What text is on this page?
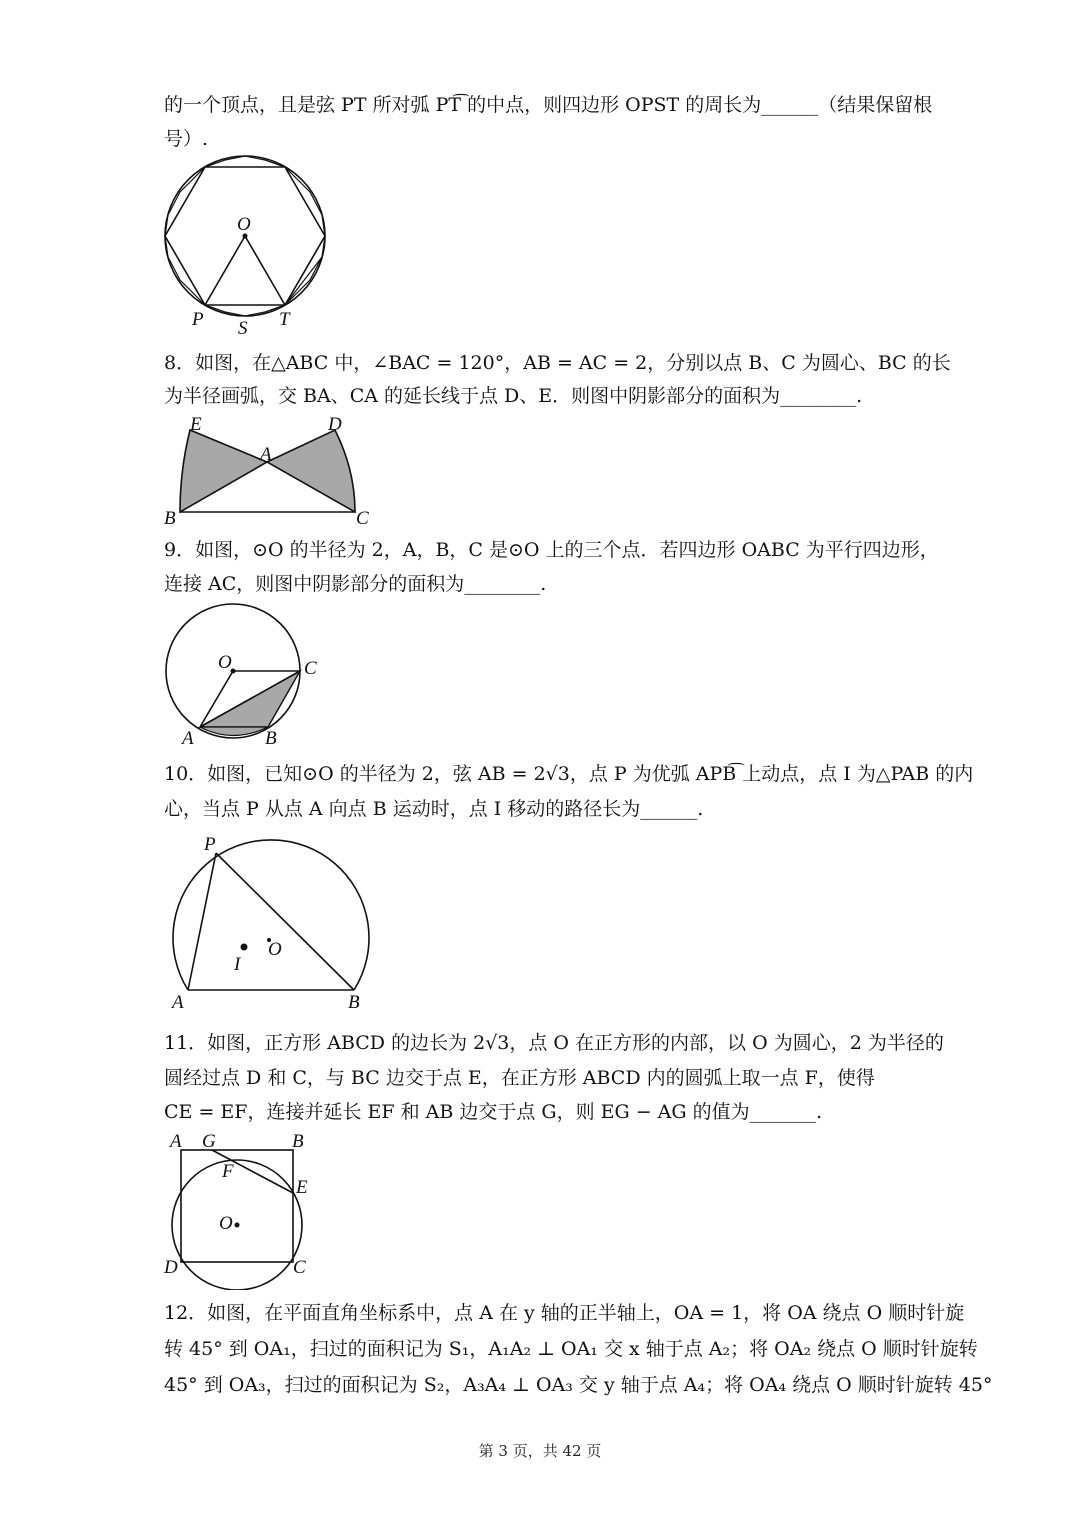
的一个顶点，且是弦 PT 所对弧 PT͡ 的中点，则四边形 OPST 的周长为______（结果保留根
号）.
O
P S T
8．如图，在△ABC 中，∠BAC = 120°，AB = AC = 2，分别以点 B、C 为圆心、BC 的长
为半径画弧，交 BA、CA 的延长线于点 D、E．则图中阴影部分的面积为________.
E	D
A
B	C
9．如图，⊙O 的半径为 2，A，B，C 是⊙O 上的三个点．若四边形 OABC 为平行四边形，
连接 AC，则图中阴影部分的面积为________.
O	C
A	B
10．如图，已知⊙O 的半径为 2，弦 AB = 2√3，点 P 为优弧 APB͡ 上动点，点 I 为△PAB 的内
心，当点 P 从点 A 向点 B 运动时，点 I 移动的路径长为______.
P
O
I
A	B
11．如图，正方形 ABCD 的边长为 2√3，点 O 在正方形的内部，以 O 为圆心，2 为半径的
圆经过点 D 和 C，与 BC 边交于点 E，在正方形 ABCD 内的圆弧上取一点 F，使得
CE = EF，连接并延长 EF 和 AB 边交于点 G，则 EG − AG 的值为_______.
A G	B
F
E
O
D	C
12．如图，在平面直角坐标系中，点 A 在 y 轴的正半轴上，OA = 1，将 OA 绕点 O 顺时针旋
转 45° 到 OA₁，扫过的面积记为 S₁，A₁A₂ ⊥ OA₁ 交 x 轴于点 A₂；将 OA₂ 绕点 O 顺时针旋转
45° 到 OA₃，扫过的面积记为 S₂，A₃A₄ ⊥ OA₃ 交 y 轴于点 A₄；将 OA₄ 绕点 O 顺时针旋转 45°
第 3 页，共 42 页
